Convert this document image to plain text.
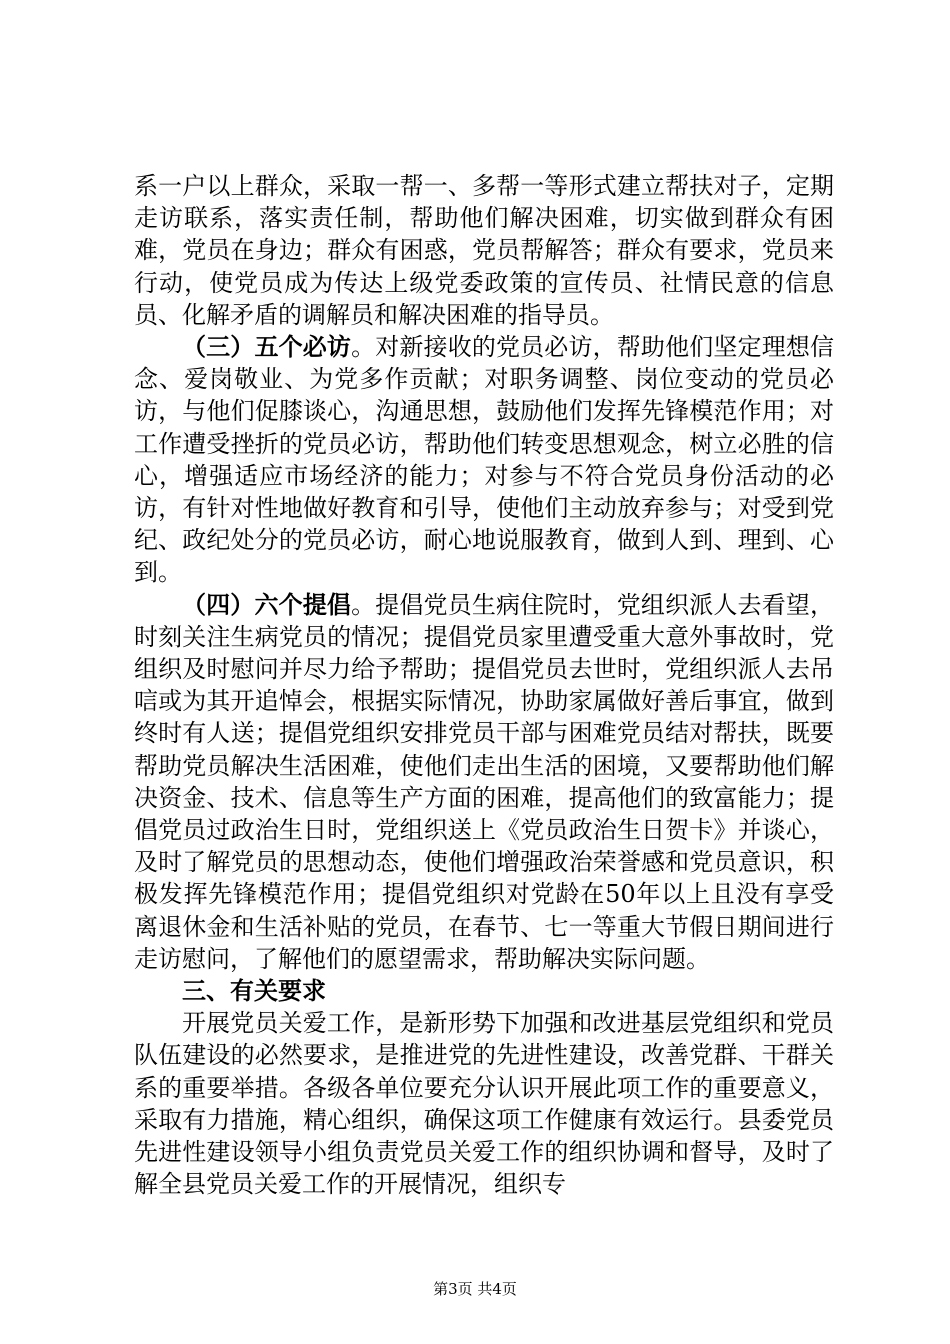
系一户以上群众，采取一帮一、多帮一等形式建立帮扶对子，定期走访联系，落实责任制，帮助他们解决困难，切实做到群众有困难，党员在身边；群众有困惑，党员帮解答；群众有要求，党员来行动，使党员成为传达上级党委政策的宣传员、社情民意的信息员、化解矛盾的调解员和解决困难的指导员。

（三）五个必访。对新接收的党员必访，帮助他们坚定理想信念、爱岗敬业、为党多作贡献；对职务调整、岗位变动的党员必访，与他们促膝谈心，沟通思想，鼓励他们发挥先锋模范作用；对工作遭受挫折的党员必访，帮助他们转变思想观念，树立必胜的信心，增强适应市场经济的能力；对参与不符合党员身份活动的必访，有针对性地做好教育和引导，使他们主动放弃参与；对受到党纪、政纪处分的党员必访，耐心地说服教育，做到人到、理到、心到。

（四）六个提倡。提倡党员生病住院时，党组织派人去看望，时刻关注生病党员的情况；提倡党员家里遭受重大意外事故时，党组织及时慰问并尽力给予帮助；提倡党员去世时，党组织派人去吊唁或为其开追悼会，根据实际情况，协助家属做好善后事宜，做到终时有人送；提倡党组织安排党员干部与困难党员结对帮扶，既要帮助党员解决生活困难，使他们走出生活的困境，又要帮助他们解决资金、技术、信息等生产方面的困难，提高他们的致富能力；提倡党员过政治生日时，党组织送上《党员政治生日贺卡》并谈心，及时了解党员的思想动态，使他们增强政治荣誉感和党员意识，积极发挥先锋模范作用；提倡党组织对党龄在50年以上且没有享受离退休金和生活补贴的党员，在春节、七一等重大节假日期间进行走访慰问，了解他们的愿望需求，帮助解决实际问题。

三、有关要求

开展党员关爱工作，是新形势下加强和改进基层党组织和党员队伍建设的必然要求，是推进党的先进性建设，改善党群、干群关系的重要举措。各级各单位要充分认识开展此项工作的重要意义，采取有力措施，精心组织，确保这项工作健康有效运行。县委党员先进性建设领导小组负责党员关爱工作的组织协调和督导，及时了解全县党员关爱工作的开展情况，组织专

第3页 共4页
